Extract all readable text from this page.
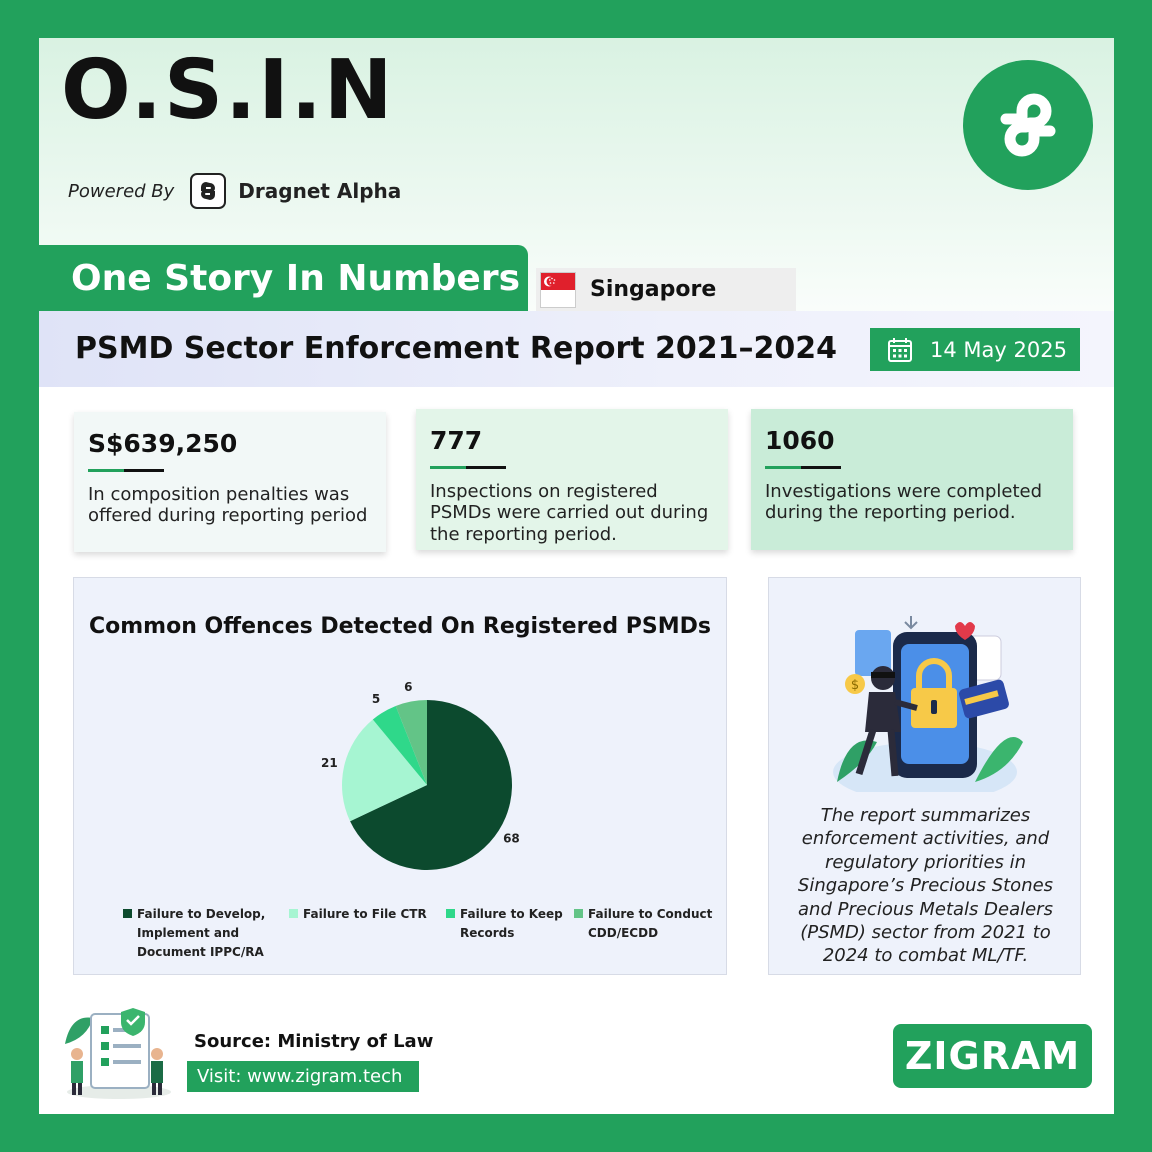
O.S.I.N
Powered By	Dragnet Alpha
One Story In Numbers	Singapore
PSMD Sector Enforcement Report 2021–2024	14 May 2025
S$639,250
In composition penalties was offered during reporting period
777
Inspections on registered PSMDs were carried out during the reporting period.
1060
Investigations were completed during the reporting period.
Common Offences Detected On Registered PSMDs
68
21
5
6
Failure to Develop, Implement and Document IPPC/RA
Failure to File CTR	Failure to Keep Records
Failure to Conduct CDD/ECDD
$
The report summarizes enforcement activities, and regulatory priorities in Singapore’s Precious Stones and Precious Metals Dealers (PSMD) sector from 2021 to 2024 to combat ML/TF.
Source: Ministry of Law
Visit: www.zigram.tech	ZIGRAM
